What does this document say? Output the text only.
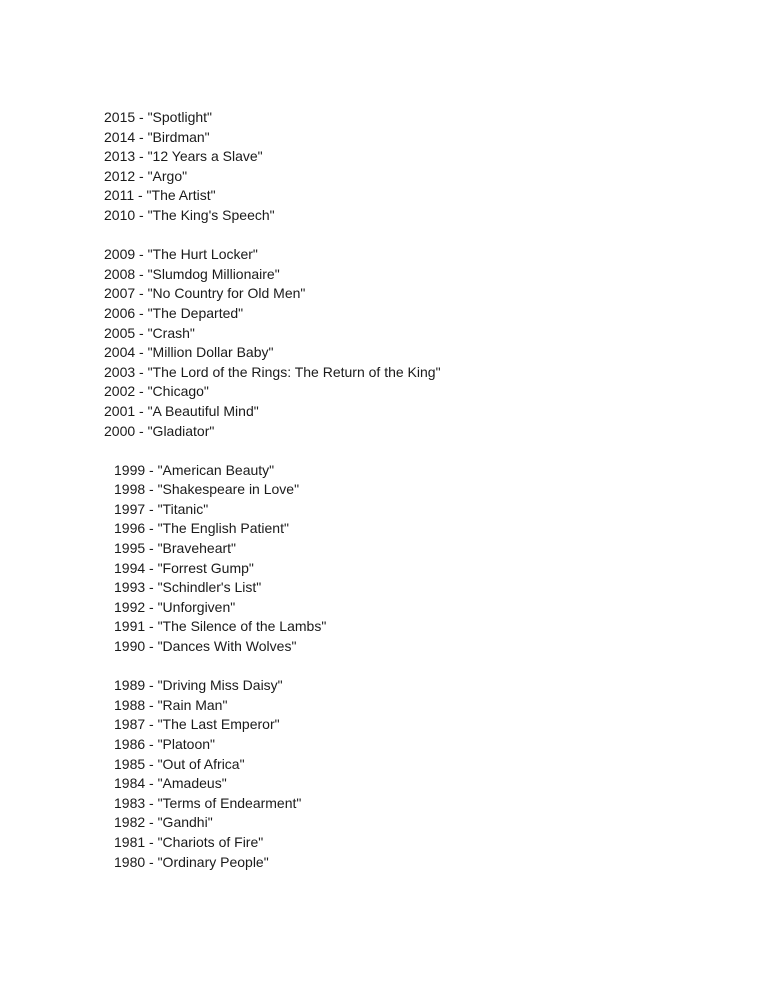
2015 - "Spotlight"
2014 - "Birdman"
2013 - "12 Years a Slave"
2012 - "Argo"
2011 - "The Artist"
2010 - "The King's Speech"
2009 - "The Hurt Locker"
2008 - "Slumdog Millionaire"
2007 - "No Country for Old Men"
2006 - "The Departed"
2005 - "Crash"
2004 - "Million Dollar Baby"
2003 - "The Lord of the Rings: The Return of the King"
2002 - "Chicago"
2001 - "A Beautiful Mind"
2000 - "Gladiator"
1999 - "American Beauty"
1998 - "Shakespeare in Love"
1997 - "Titanic"
1996 - "The English Patient"
1995 - "Braveheart"
1994 - "Forrest Gump"
1993 - "Schindler's List"
1992 - "Unforgiven"
1991 - "The Silence of the Lambs"
1990 - "Dances With Wolves"
1989 - "Driving Miss Daisy"
1988 - "Rain Man"
1987 - "The Last Emperor"
1986 - "Platoon"
1985 - "Out of Africa"
1984 - "Amadeus"
1983 - "Terms of Endearment"
1982 - "Gandhi"
1981 - "Chariots of Fire"
1980 - "Ordinary People"
